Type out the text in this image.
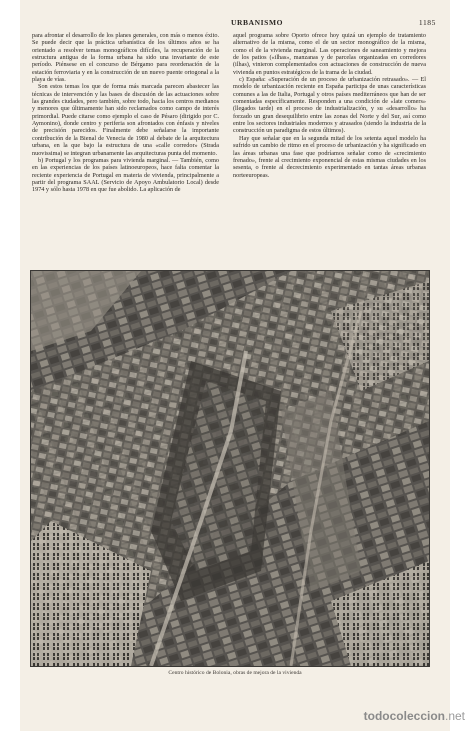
URBANISMO	1185

para afrontar el desarrollo de los planes generales, con más o menos éxito. Se puede decir que la práctica urbanística de los últimos años se ha orientado a resolver temas monográficos difíciles, la recuperación de la estructura antigua de la forma urbana ha sido una invariante de este período. Piénsese en el concurso de Bérgamo para reordenación de la estación ferroviaria y en la construcción de un nuevo puente ortogonal a la playa de vías.

Son estos temas los que de forma más marcada parecen abastecer las técnicas de intervención y las bases de discusión de las actuaciones sobre las grandes ciudades, pero también, sobre todo, hacia los centros medianos y menores que últimamente han sido reclamados como campo de interés primordial. Puede citarse como ejemplo el caso de Pésaro (dirigido por C. Aymonino), donde centro y periferia son afrontados con énfasis y niveles de precisión parecidos. Finalmente debe señalarse la importante contribución de la Bienal de Venecia de 1980 al debate de la arquitectura urbana, en la que bajo la estructura de una «calle corredor» (Strada nuovissima) se integran urbanamente las arquitecturas punta del momento.

b) Portugal y los programas para vivienda marginal. — También, como en las experiencias de los países latinoeuropeos, hace falta comentar la reciente experiencia de Portugal en materia de vivienda, principalmente a partir del programa SAAL (Servicio de Apoyo Ambulatorio Local) desde 1974 y sólo hasta 1978 en que fue abolido. La aplicación de

aquel programa sobre Oporto ofrece hoy quizá un ejemplo de tratamiento alternativo de la misma, como el de un sector monográfico de la misma, como el de la vivienda marginal. Las operaciones de saneamiento y mejora de los patios («ilhas», manzanas y de parcelas organizadas en corredores (ilhas), vinieron complementados con actuaciones de construcción de nueva vivienda en puntos estratégicos de la trama de la ciudad.

c) España: «Superación de un proceso de urbanización retrasado». — El modelo de urbanización reciente en España participa de unas características comunes a las de Italia, Portugal y otros países mediterráneos que han de ser comentadas específicamente. Responden a una condición de «late comers» (llegados tarde) en el proceso de industrialización, y su «desarrollo» ha forzado un gran desequilibrio entre las zonas del Norte y del Sur, así como entre los sectores industriales modernos y atrasados (siendo la industria de la construcción un paradigma de estos últimos).

Hay que señalar que en la segunda mitad de los setenta aquel modelo ha sufrido un cambio de ritmo en el proceso de urbanización y ha significado en las áreas urbanas una fase que podríamos señalar como de «crecimiento frenado», frente al crecimiento exponencial de estas mismas ciudades en los sesenta, o frente al decrecimiento experimentado en tantas áreas urbanas norteeuropeas.

Centro histórico de Bolonia, obras de mejora de la vivienda
todocoleccion.net
